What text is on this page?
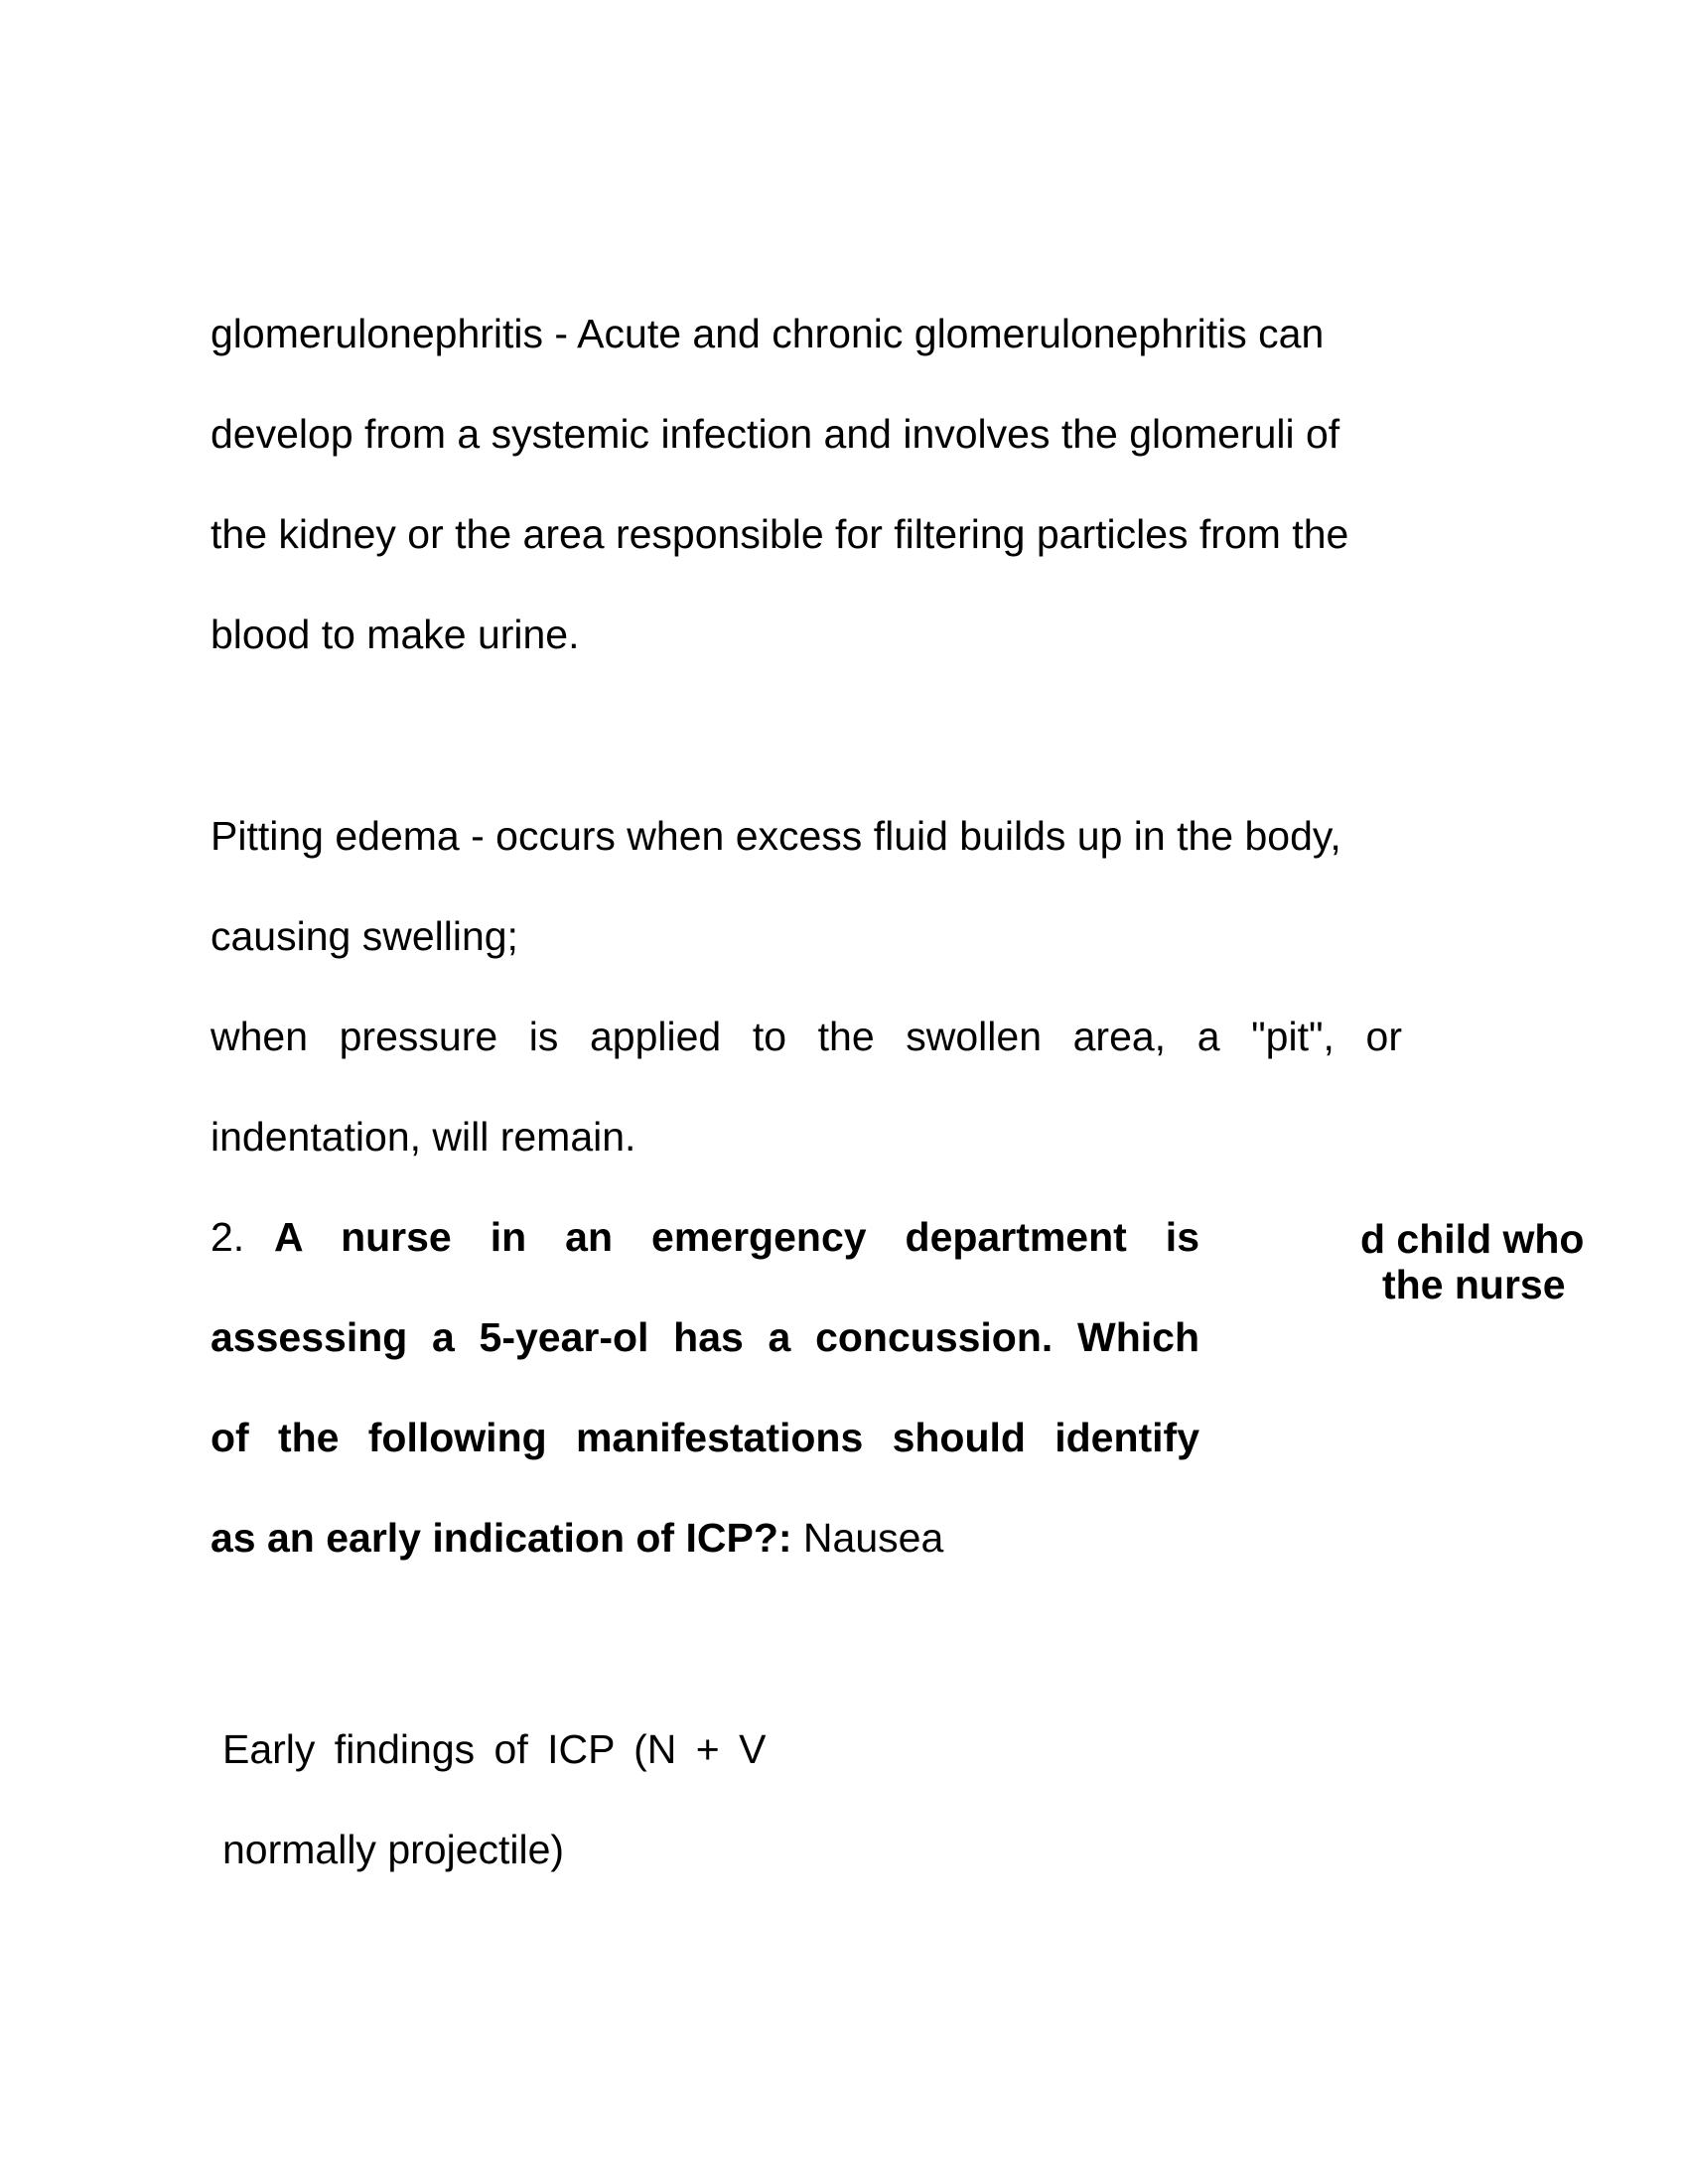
glomerulonephritis - Acute and chronic glomerulonephritis can

develop from a systemic infection and involves the glomeruli of

the kidney or the area responsible for filtering particles from the

blood to make urine.

Pitting edema - occurs when excess fluid builds up in the body,

causing swelling;

when pressure is applied to the swollen area, a "pit", or

indentation, will remain.

2. A nurse in an emergency department is

assessing a 5-year-ol has a concussion. Which

of the following manifestations should identify

as an early indication of ICP?: Nausea

d child who

the nurse

Early findings of ICP (N + V

normally projectile)
